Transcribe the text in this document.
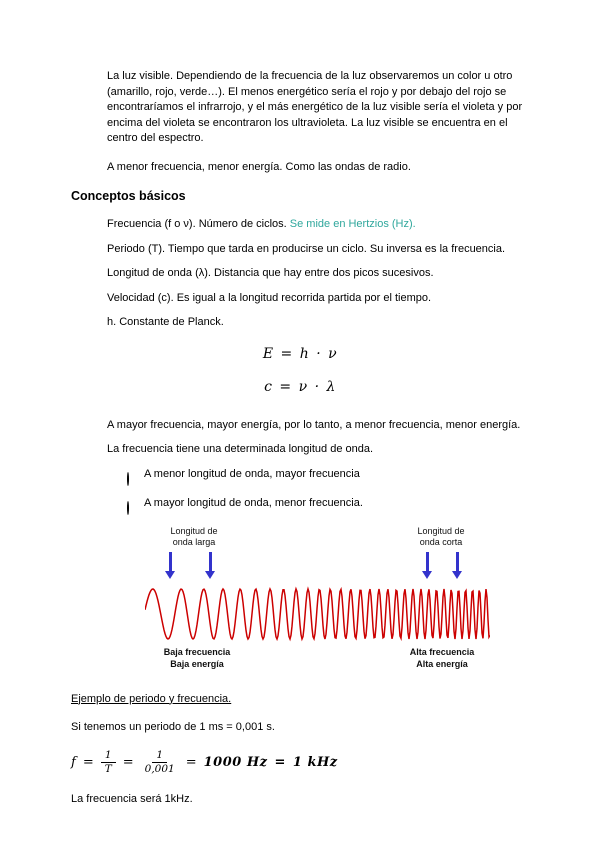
La luz visible. Dependiendo de la frecuencia de la luz observaremos un color u otro (amarillo, rojo, verde…). El menos energético sería el rojo y por debajo del rojo se encontraríamos el infrarrojo, y el más energético de la luz visible sería el violeta y por encima del violeta se encontraron los ultravioleta. La luz visible se encuentra en el centro del espectro.
A menor frecuencia, menor energía. Como las ondas de radio.
Conceptos básicos
Frecuencia (f o ν). Número de ciclos. Se mide en Hertzios (Hz).
Periodo (T). Tiempo que tarda en producirse un ciclo. Su inversa es la frecuencia.
Longitud de onda (λ). Distancia que hay entre dos picos sucesivos.
Velocidad (c). Es igual a la longitud recorrida partida por el tiempo.
h. Constante de Planck.
E = h · ν
c = ν · λ
A mayor frecuencia, mayor energía, por lo tanto, a menor frecuencia, menor energía.
La frecuencia tiene una determinada longitud de onda.
A menor longitud de onda, mayor frecuencia
A mayor longitud de onda, menor frecuencia.
Longitud de
onda larga
Longitud de
onda corta
Baja frecuencia
Baja energía
Alta frecuencia
Alta energía
Ejemplo de periodo y frecuencia.
Si tenemos un periodo de 1 ms = 0,001 s.
$f = \frac{1}{T} = \frac{1}{0,001} = 1000$ Hz = 1 kHz
La frecuencia será 1kHz.
